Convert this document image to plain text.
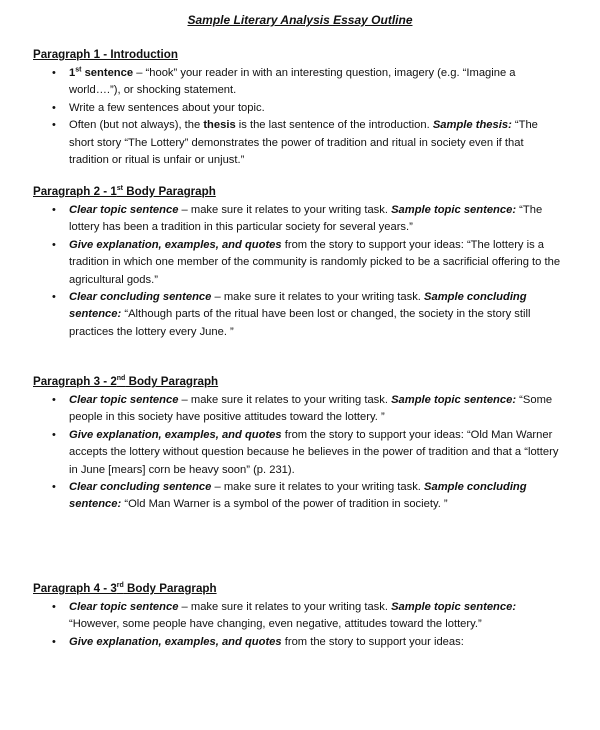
Sample Literary Analysis Essay Outline
Paragraph 1 - Introduction
• 1st sentence – “hook” your reader in with an interesting question, imagery (e.g. “Imagine a world….”), or shocking statement.
• Write a few sentences about your topic.
• Often (but not always), the thesis is the last sentence of the introduction. Sample thesis: “The short story “The Lottery” demonstrates the power of tradition and ritual in society even if that tradition or ritual is unfair or unjust.”
Paragraph 2 - 1st Body Paragraph
• Clear topic sentence – make sure it relates to your writing task. Sample topic sentence: “The lottery has been a tradition in this particular society for several years.”
• Give explanation, examples, and quotes from the story to support your ideas: “The lottery is a tradition in which one member of the community is randomly picked to be a sacrificial offering to the agricultural gods.”
• Clear concluding sentence – make sure it relates to your writing task. Sample concluding sentence: “Although parts of the ritual have been lost or changed, the society in the story still practices the lottery every June. ”
Paragraph 3 - 2nd Body Paragraph
• Clear topic sentence – make sure it relates to your writing task. Sample topic sentence: “Some people in this society have positive attitudes toward the lottery. ”
• Give explanation, examples, and quotes from the story to support your ideas: “Old Man Warner accepts the lottery without question because he believes in the power of tradition and that a “lottery in June [mears] corn be heavy soon” (p. 231).
• Clear concluding sentence – make sure it relates to your writing task. Sample concluding sentence: “Old Man Warner is a symbol of the power of tradition in society. ”
Paragraph 4 - 3rd Body Paragraph
• Clear topic sentence – make sure it relates to your writing task. Sample topic sentence: “However, some people have changing, even negative, attitudes toward the lottery.”
• Give explanation, examples, and quotes from the story to support your ideas:
